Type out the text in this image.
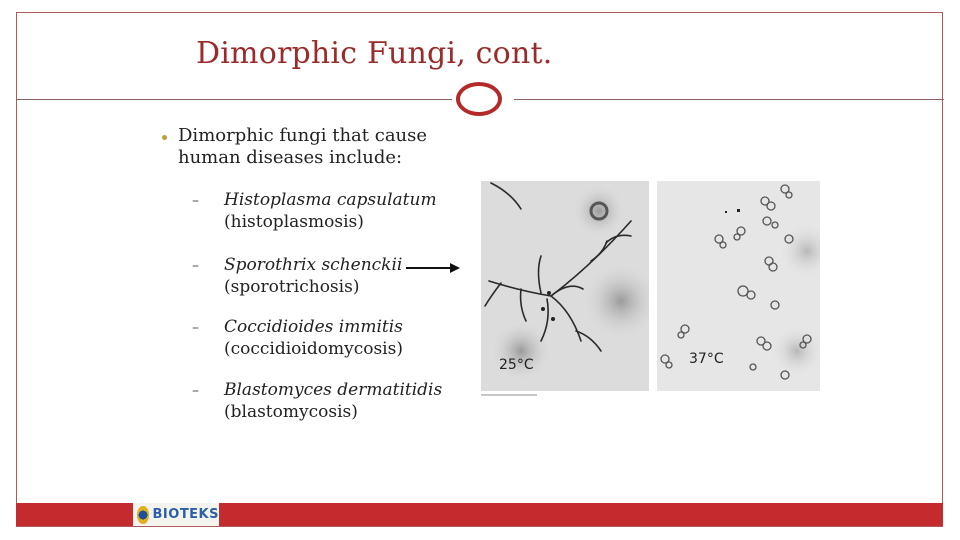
Dimorphic Fungi, cont.
Dimorphic fungi that cause human diseases include:
– Histoplasma capsulatum
(histoplasmosis)
– Sporothrix schenckii
(sporotrichosis)
– Coccidioides immitis
(coccidioidomycosis)
– Blastomyces dermatitidis
(blastomycosis)
25°C	37°C
BIOTEKS
